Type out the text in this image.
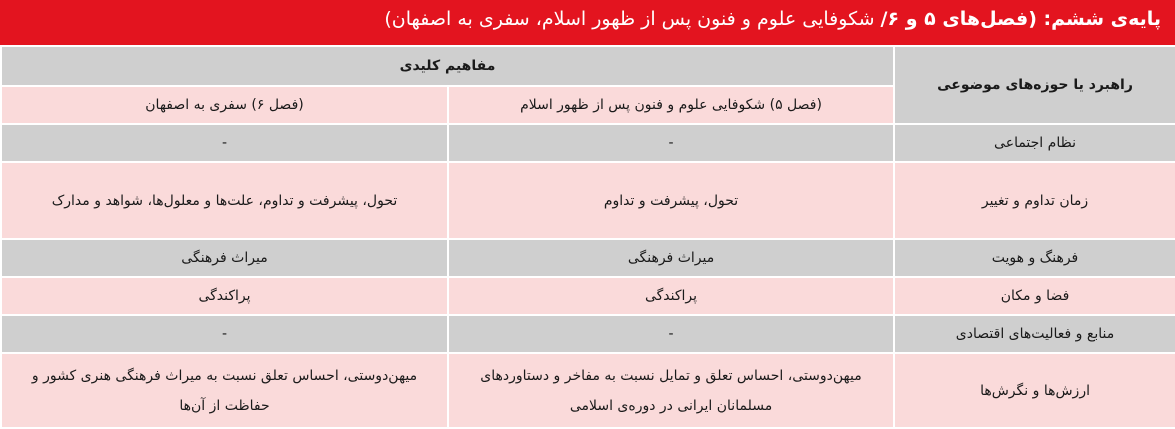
پایه‌ی ششم: (فصل‌های ۵ و ۶/ شکوفایی علوم و فنون پس از ظهور اسلام، سفری به اصفهان)
راهبرد یا حوزه‌های موضوعی	مفاهیم کلیدی	
	(فصل ۵) شکوفایی علوم و فنون پس از ظهور اسلام	(فصل ۶) سفری به اصفهان
نظام اجتماعی	-	-
زمان تداوم و تغییر	تحول، پیشرفت و تداوم	تحول، پیشرفت و تداوم، علت‌ها و معلول‌ها، شواهد و مدارک
فرهنگ و هویت	میراث فرهنگی	میراث فرهنگی
فضا و مکان	پراکندگی	پراکندگی
منابع و فعالیت‌های اقتصادی	-	-
ارزش‌ها و نگرش‌ها	میهن‌دوستی، احساس تعلق و تمایل نسبت به مفاخر و دستاوردهای مسلمانان ایرانی در دوره‌ی اسلامی	میهن‌دوستی، احساس تعلق نسبت به میراث فرهنگی هنری کشور و حفاظت از آن‌ها
